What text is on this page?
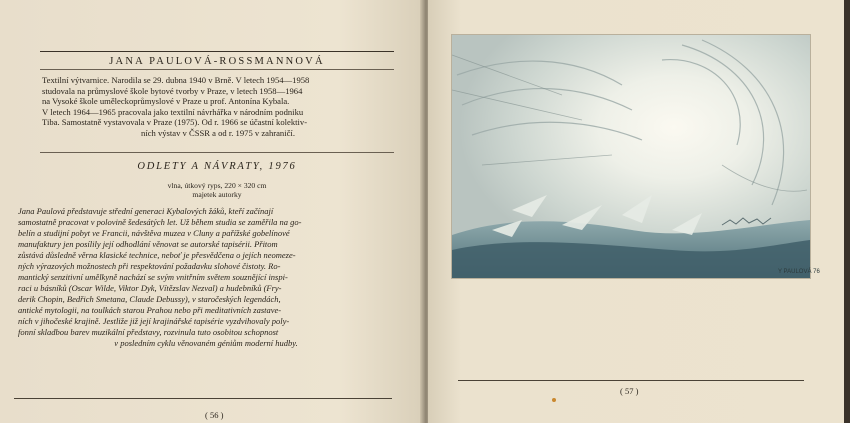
JANA PAULOVÁ-ROSSMANNOVÁ
Textilní výtvarnice. Narodila se 29. dubna 1940 v Brně. V letech 1954—1958
studovala na průmyslové škole bytové tvorby v Praze, v letech 1958—1964
na Vysoké škole uměleckoprůmyslové v Praze u prof. Antonína Kybala.
V letech 1964—1965 pracovala jako textilní návrhářka v národním podniku
Tiba. Samostatně vystavovala v Praze (1975). Od r. 1966 se účastní kolektiv-
ních výstav v ČSSR a od r. 1975 v zahraničí.
ODLETY A NÁVRATY, 1976
vlna, útkový ryps, 220 × 320 cm
majetek autorky
Jana Paulová představuje střední generaci Kybalových žáků, kteří začínají
samostatně pracovat v polovině šedesátých let. Už během studia se zaměřila na go-
belín a studijní pobyt ve Francii, návštěva muzea v Cluny a pařížské gobelínové
manufaktury jen posílily její odhodlání věnovat se autorské tapisérii. Přitom
zůstává důsledně věrna klasické technice, neboť je přesvědčena o jejích neomeze-
ných výrazových možnostech při respektování požadavku slohové čistoty. Ro-
mantický senzitivní umělkyně nachází se svým vnitřním světem souznějící inspi-
raci u básníků (Oscar Wilde, Viktor Dyk, Vítězslav Nezval) a hudebníků (Fry-
derik Chopin, Bedřich Smetana, Claude Debussy), v staročeských legendách,
antické mytologii, na toulkách starou Prahou nebo při meditativních zastave-
ních v jihočeské krajině. Jestliže již její krajinářské tapisérie vyzdvihovaly poly-
fonní skladbou barev muzikální představy, rozvinula tuto osobitou schopnost
v posledním cyklu věnovaném géniům moderní hudby.
( 56 )
Y PAULOVÁ 76
( 57 )
